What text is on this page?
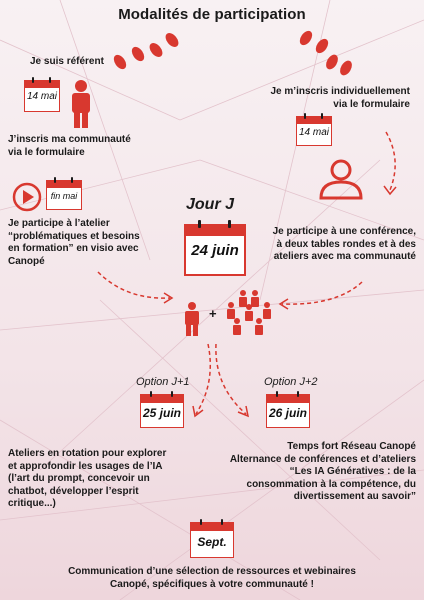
Modalités de participation
Je suis référent
14 mai
J’inscris ma communauté
via le formulaire
Je m’inscris individuellement
via le formulaire
14 mai
fin mai
Je participe à l’atelier
“problématiques et besoins
en formation” en visio avec
Canopé
Jour J
24 juin
Je participe à une conférence,
à deux tables rondes et à des
ateliers avec ma communauté
+
Option J+1
25 juin
Ateliers en rotation pour explorer
et approfondir les usages de l’IA
(l’art du prompt, concevoir un
chatbot, développer l’esprit
critique...)
Option J+2
26 juin
Temps fort Réseau Canopé
Alternance de conférences et d’ateliers
“Les IA Génératives : de la
consommation à la compétence, du
divertissement au savoir”
Sept.
Communication d’une sélection de ressources et webinaires
Canopé, spécifiques à votre communauté !
